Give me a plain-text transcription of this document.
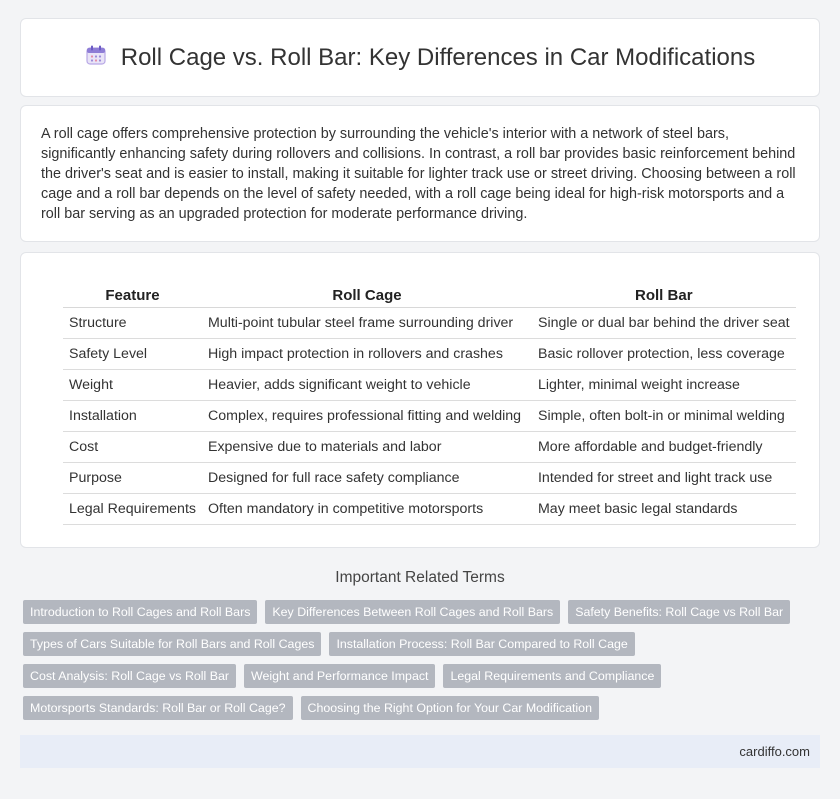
Roll Cage vs. Roll Bar: Key Differences in Car Modifications

A roll cage offers comprehensive protection by surrounding the vehicle's interior with a network of steel bars, significantly enhancing safety during rollovers and collisions. In contrast, a roll bar provides basic reinforcement behind the driver's seat and is easier to install, making it suitable for lighter track use or street driving. Choosing between a roll cage and a roll bar depends on the level of safety needed, with a roll cage being ideal for high-risk motorsports and a roll bar serving as an upgraded protection for moderate performance driving.

Feature	Roll Cage	Roll Bar
Structure	Multi-point tubular steel frame surrounding driver	Single or dual bar behind the driver seat
Safety Level	High impact protection in rollovers and crashes	Basic rollover protection, less coverage
Weight	Heavier, adds significant weight to vehicle	Lighter, minimal weight increase
Installation	Complex, requires professional fitting and welding	Simple, often bolt-in or minimal welding
Cost	Expensive due to materials and labor	More affordable and budget-friendly
Purpose	Designed for full race safety compliance	Intended for street and light track use
Legal Requirements	Often mandatory in competitive motorsports	May meet basic legal standards
Important Related Terms
Introduction to Roll Cages and Roll Bars	Key Differences Between Roll Cages and Roll Bars	Safety Benefits: Roll Cage vs Roll Bar
Types of Cars Suitable for Roll Bars and Roll Cages	Installation Process: Roll Bar Compared to Roll Cage
Cost Analysis: Roll Cage vs Roll Bar	Weight and Performance Impact	Legal Requirements and Compliance
Motorsports Standards: Roll Bar or Roll Cage?	Choosing the Right Option for Your Car Modification
cardiffo.com
